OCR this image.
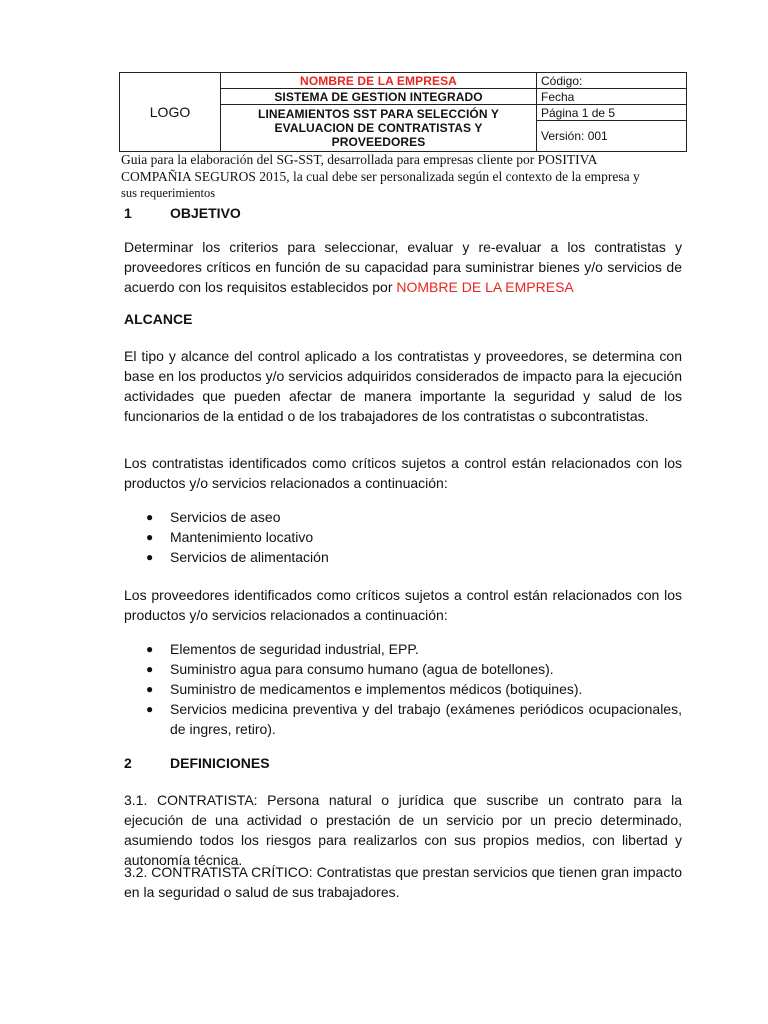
LOGO	NOMBRE DE LA EMPRESA	Código:
	SISTEMA DE GESTION INTEGRADO	Fecha

	LINEAMIENTOS SST PARA SELECCIÓN Y
EVALUACION DE CONTRATISTAS Y
PROVEEDORES	Página 1 de 5
		Versión: 001

Guia para la elaboración del SG-SST, desarrollada para empresas cliente por POSITIVA
COMPAÑIA SEGUROS 2015, la cual debe ser personalizada según el contexto de la empresa y
sus requerimientos
1	OBJETIVO
Determinar los criterios para seleccionar, evaluar y re-evaluar a los contratistas y proveedores críticos en función de su capacidad para suministrar bienes y/o servicios de acuerdo con los requisitos establecidos por NOMBRE DE LA EMPRESA
ALCANCE
El tipo y alcance del control aplicado a los contratistas y proveedores, se determina con base en los productos y/o servicios adquiridos considerados de impacto para la ejecución actividades que pueden afectar de manera importante la seguridad y salud de los funcionarios de la entidad o de los trabajadores de los contratistas o subcontratistas.
Los contratistas identificados como críticos sujetos a control están relacionados con los productos y/o servicios relacionados a continuación:
● Servicios de aseo
● Mantenimiento locativo
● Servicios de alimentación
Los proveedores identificados como críticos sujetos a control están relacionados con los productos y/o servicios relacionados a continuación:
● Elementos de seguridad industrial, EPP.
● Suministro agua para consumo humano (agua de botellones).
● Suministro de medicamentos e implementos médicos (botiquines).
● Servicios medicina preventiva y del trabajo (exámenes periódicos ocupacionales, de ingres, retiro).
2	DEFINICIONES
3.1. CONTRATISTA: Persona natural o jurídica que suscribe un contrato para la ejecución de una actividad o prestación de un servicio por un precio determinado, asumiendo todos los riesgos para realizarlos con sus propios medios, con libertad y autonomía técnica.
3.2. CONTRATISTA CRÍTICO: Contratistas que prestan servicios que tienen gran impacto en la seguridad o salud de sus trabajadores.
